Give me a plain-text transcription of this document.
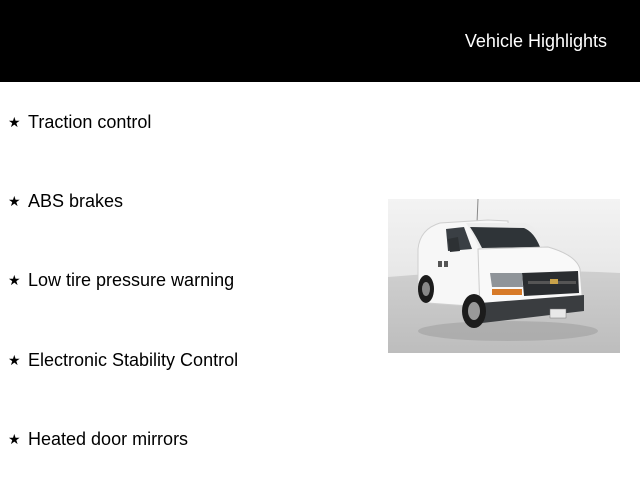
Vehicle Highlights
★ Traction control
★ ABS brakes
★ Low tire pressure warning
★ Electronic Stability Control
★ Heated door mirrors
